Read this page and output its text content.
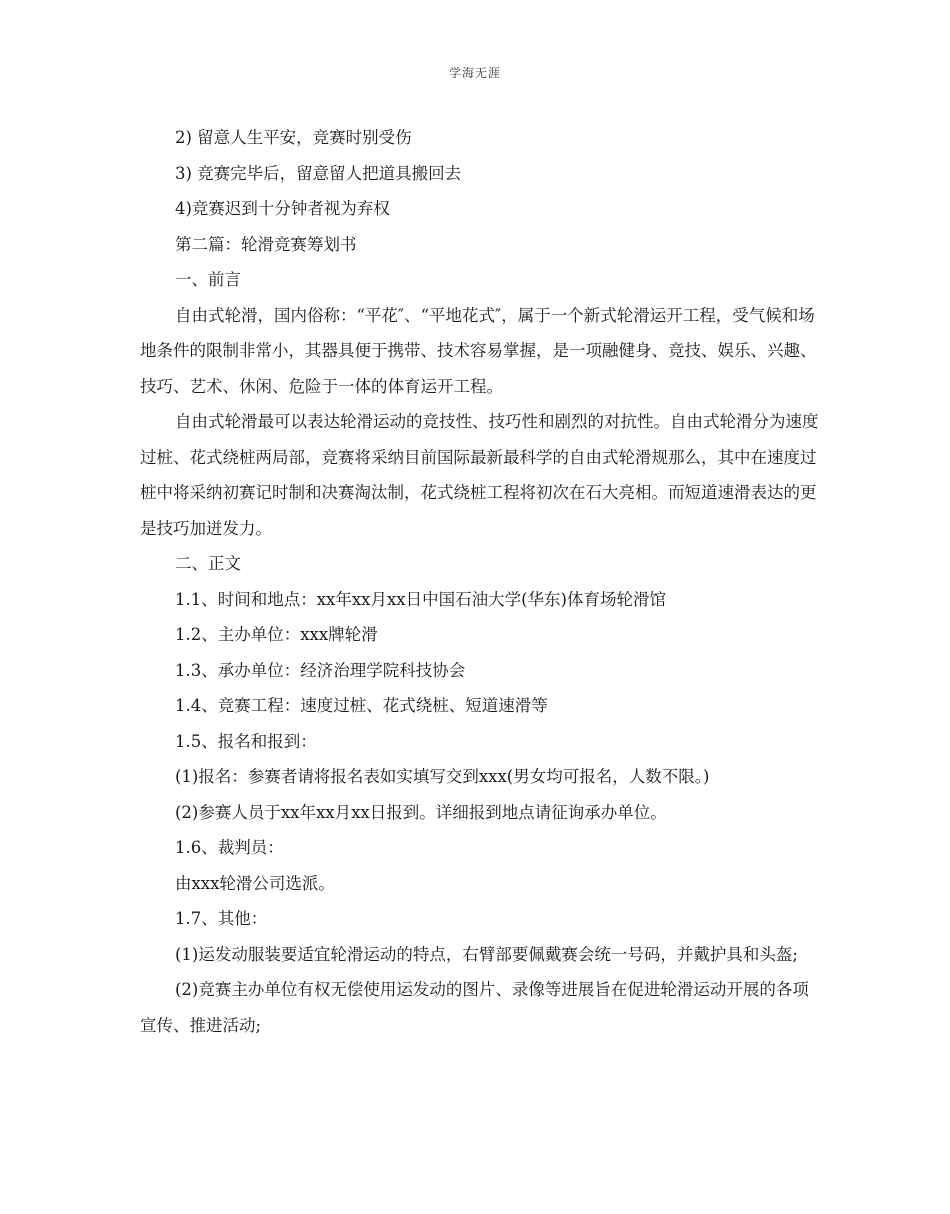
学海无涯

2) 留意人生平安，竞赛时别受伤

3) 竞赛完毕后，留意留人把道具搬回去

4)竞赛迟到十分钟者视为弃权

第二篇：轮滑竞赛筹划书

一、前言

自由式轮滑，国内俗称：“平花″、“平地花式″，属于一个新式轮滑运开工程，受气候和场地条件的限制非常小，其器具便于携带、技术容易掌握，是一项融健身、竞技、娱乐、兴趣、技巧、艺术、休闲、危险于一体的体育运开工程。

自由式轮滑最可以表达轮滑运动的竞技性、技巧性和剧烈的对抗性。自由式轮滑分为速度过桩、花式绕桩两局部，竞赛将采纳目前国际最新最科学的自由式轮滑规那么，其中在速度过桩中将采纳初赛记时制和决赛淘汰制，花式绕桩工程将初次在石大亮相。而短道速滑表达的更是技巧加迸发力。

二、正文

1.1、时间和地点：xx年xx月xx日中国石油大学(华东)体育场轮滑馆

1.2、主办单位：xxx牌轮滑

1.3、承办单位：经济治理学院科技协会

1.4、竞赛工程：速度过桩、花式绕桩、短道速滑等

1.5、报名和报到：

(1)报名：参赛者请将报名表如实填写交到xxx(男女均可报名，人数不限。)

(2)参赛人员于xx年xx月xx日报到。详细报到地点请征询承办单位。

1.6、裁判员：

由xxx轮滑公司选派。

1.7、其他：

(1)运发动服装要适宜轮滑运动的特点，右臂部要佩戴赛会统一号码，并戴护具和头盔;

(2)竞赛主办单位有权无偿使用运发动的图片、录像等进展旨在促进轮滑运动开展的各项宣传、推进活动;
